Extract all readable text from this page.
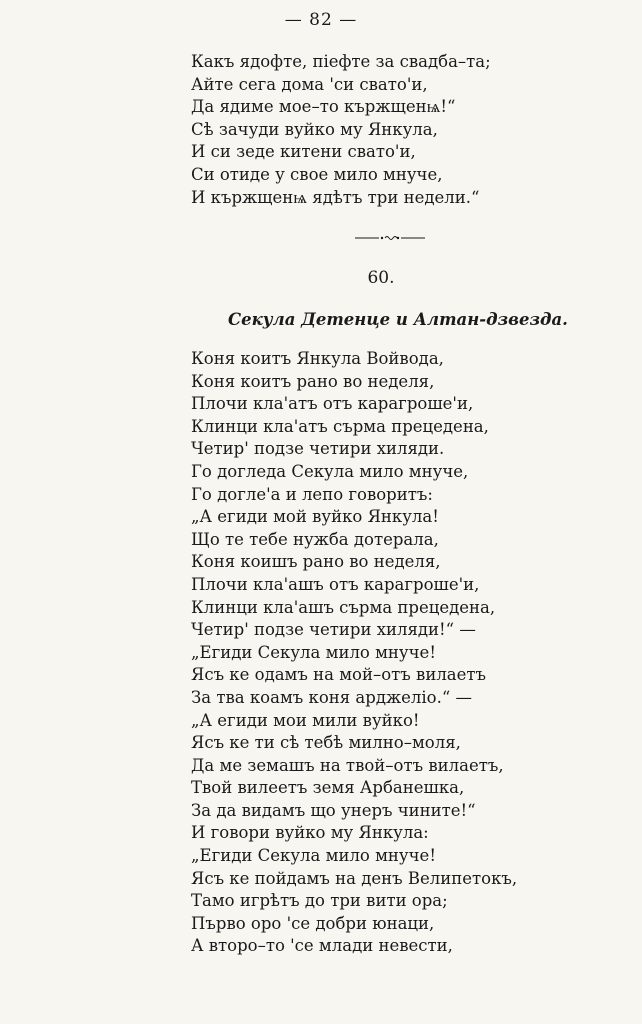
— 82 —
Какъ ядофте, пiефте за свадба–та;
Айте сега дома 'си свато'и,
Да ядиме мое–то кържщенѩ!“
Сѣ зачуди вуйко му Янкула,
И си зеде китени свато'и,
Си отиде у свое мило мнуче,
И кържщенѩ ядѣтъ три недели.“
60.
Секула Детенце и Алтан-дзвезда.
Коня коитъ Янкула Войвода,
Коня коитъ рано во неделя,
Плочи кла'атъ отъ карагроше'и,
Клинци кла'атъ сърма прецедена,
Четир' подзе четири хиляди.
Го доглeда Секула мило мнуче,
Го догле'а и лепо говоритъ:
„А егиди мой вуйко Янкула!
Що те тебе нужба дотерала,
Коня коишъ рано во неделя,
Плочи кла'ашъ отъ карагроше'и,
Клинци кла'ашъ сърма прецедена,
Четир' подзе четири хиляди!“ —
„Егиди Секула мило мнуче!
Ясъ ке одамъ на мой–отъ вилаетъ
За тва коамъ коня арджелiо.“ —
„А егиди мои мили вуйко!
Ясъ ке ти сѣ тебѣ милно–моля,
Да ме земашъ на твой–отъ вилаетъ,
Твой вилеетъ земя Арбанешка,
За да видамъ що унеръ чините!“
И говори вуйко му Янкула:
„Егиди Секула мило мнуче!
Ясъ ке пойдамъ на денъ Велипетокъ,
Тамо игрѣтъ до три вити ора;
Първо оро 'се добри юнаци,
А второ–то 'се млади невести,
